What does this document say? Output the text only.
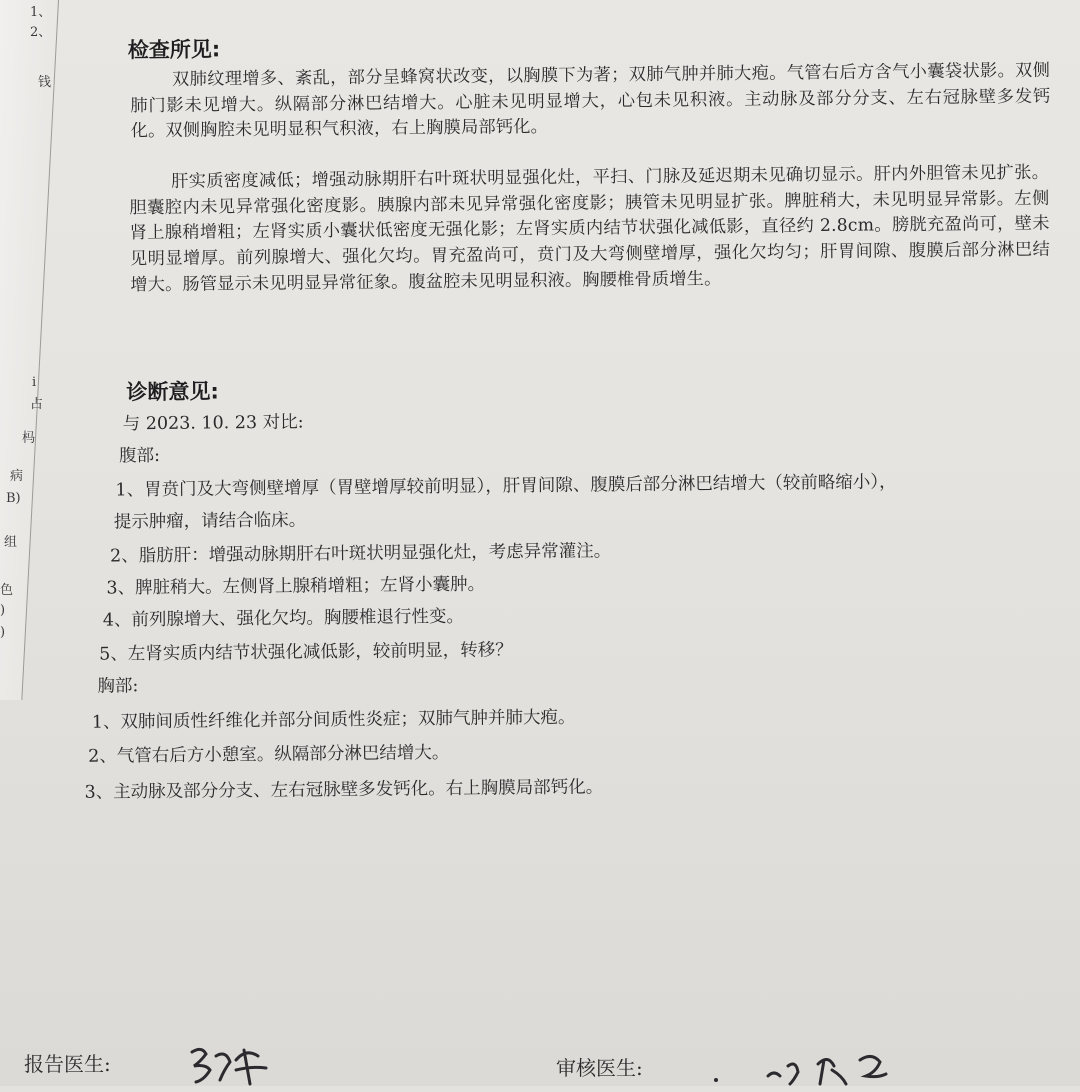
1、
2、
钱
i
占
杩
病
B)
组
色
)
)
检查所见:

双肺纹理增多、紊乱，部分呈蜂窝状改变，以胸膜下为著；双肺气肿并肺大疱。气管右后方含气小囊袋状影。双侧肺门影未见增大。纵隔部分淋巴结增大。心脏未见明显增大，心包未见积液。主动脉及部分分支、左右冠脉壁多发钙化。双侧胸腔未见明显积气积液，右上胸膜局部钙化。

肝实质密度减低；增强动脉期肝右叶斑状明显强化灶，平扫、门脉及延迟期未见确切显示。肝内外胆管未见扩张。胆囊腔内未见异常强化密度影。胰腺内部未见异常强化密度影；胰管未见明显扩张。脾脏稍大，未见明显异常影。左侧肾上腺稍增粗；左肾实质小囊状低密度无强化影；左肾实质内结节状强化减低影，直径约 2.8cm。膀胱充盈尚可，壁未见明显增厚。前列腺增大、强化欠均。胃充盈尚可，贲门及大弯侧壁增厚，强化欠均匀；肝胃间隙、腹膜后部分淋巴结增大。肠管显示未见明显异常征象。腹盆腔未见明显积液。胸腰椎骨质增生。

诊断意见:

与 2023. 10. 23 对比:

腹部:

1、胃贲门及大弯侧壁增厚（胃壁增厚较前明显），肝胃间隙、腹膜后部分淋巴结增大（较前略缩小），

提示肿瘤，请结合临床。

2、脂肪肝：增强动脉期肝右叶斑状明显强化灶，考虑异常灌注。

3、脾脏稍大。左侧肾上腺稍增粗；左肾小囊肿。

4、前列腺增大、强化欠均。胸腰椎退行性变。

5、左肾实质内结节状强化减低影，较前明显，转移？

胸部:

1、双肺间质性纤维化并部分间质性炎症；双肺气肿并肺大疱。

2、气管右后方小憩室。纵隔部分淋巴结增大。

3、主动脉及部分分支、左右冠脉壁多发钙化。右上胸膜局部钙化。

报告医生:	审核医生:
